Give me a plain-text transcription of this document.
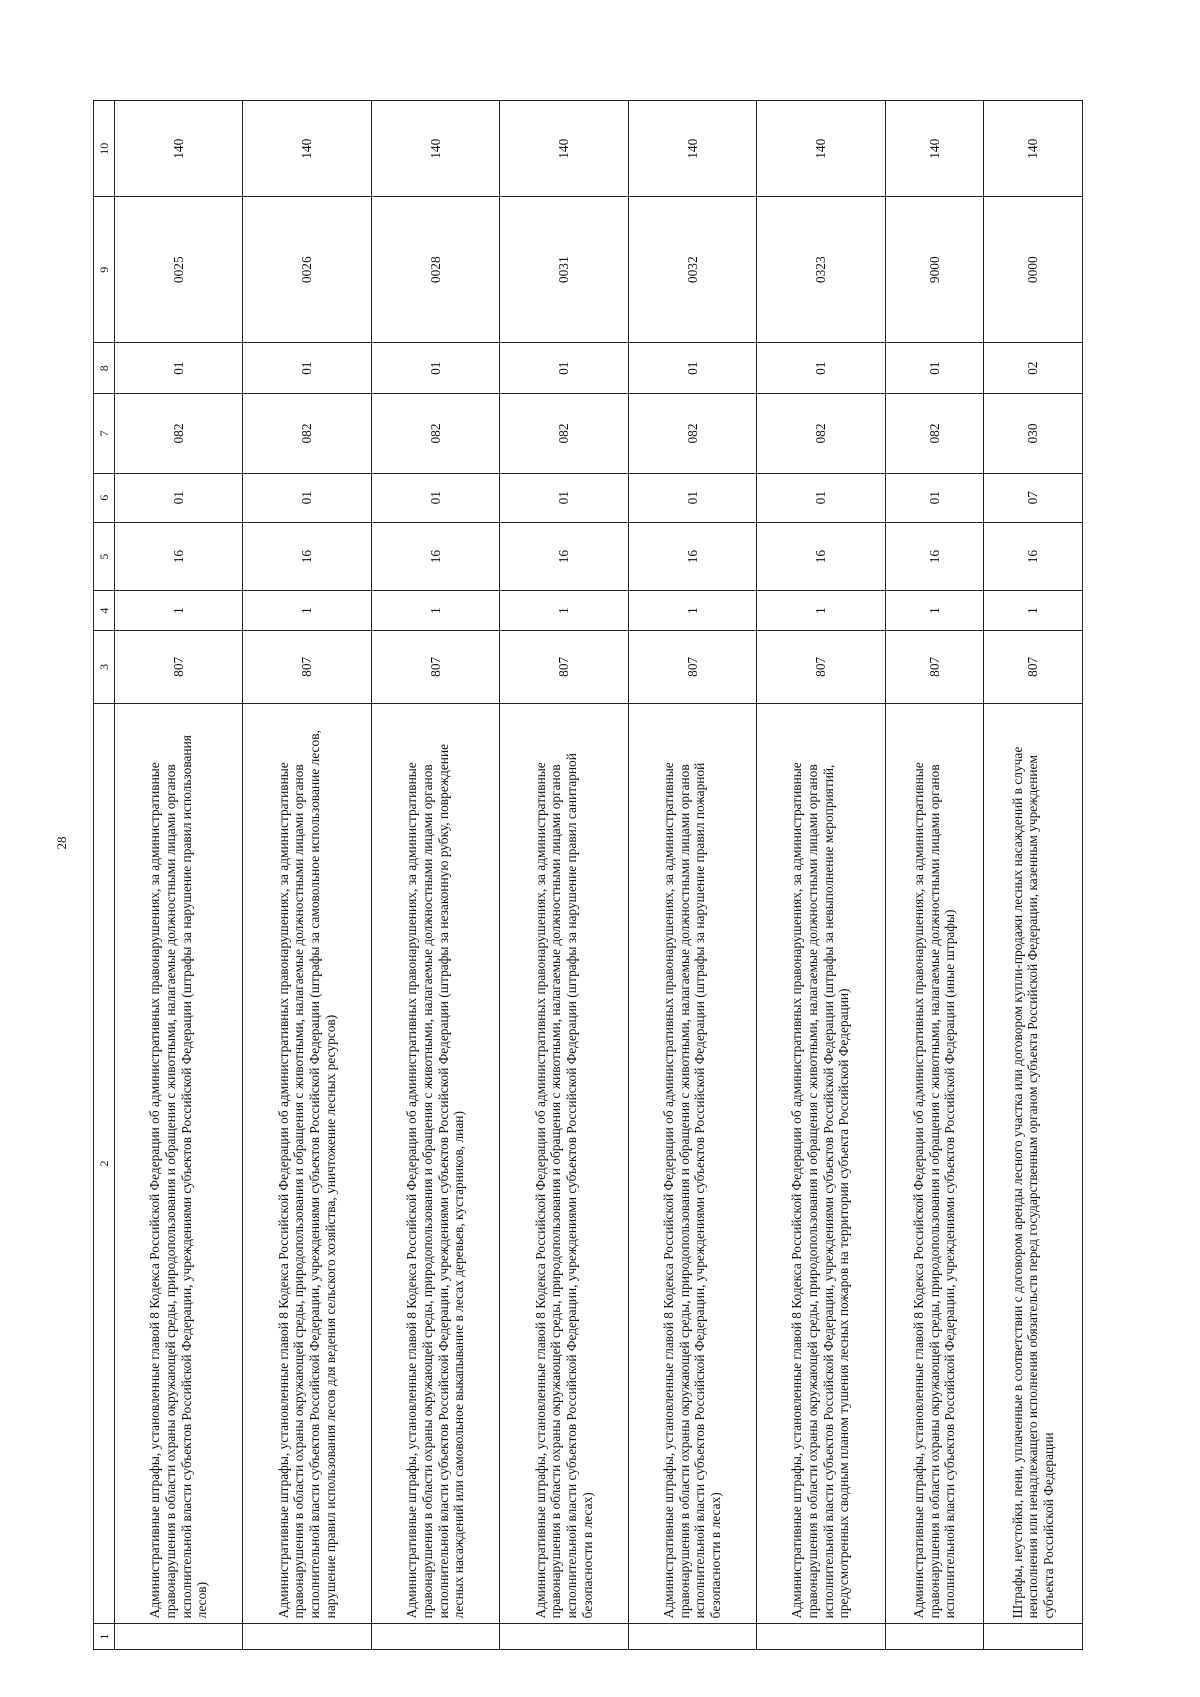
28
1	2	3	4	5	6	7	8	9	10
	Административные штрафы, установленные главой 8 Кодекса Российской Федерации об административных правонарушениях, за административные правонарушения в области охраны окружающей среды, природопользования и обращения с животными, налагаемые должностными лицами органов исполнительной власти субъектов Российской Федерации, учреждениями субъектов Российской Федерации (штрафы за нарушение правил использования лесов)	807	1	16	01	082	01	0025	140
	Административные штрафы, установленные главой 8 Кодекса Российской Федерации об административных правонарушениях, за административные правонарушения в области охраны окружающей среды, природопользования и обращения с животными, налагаемые должностными лицами органов исполнительной власти субъектов Российской Федерации, учреждениями субъектов Российской Федерации (штрафы за самовольное использование лесов, нарушение правил использования лесов для ведения сельского хозяйства, уничтожение лесных ресурсов)	807	1	16	01	082	01	0026	140
	Административные штрафы, установленные главой 8 Кодекса Российской Федерации об административных правонарушениях, за административные правонарушения в области охраны окружающей среды, природопользования и обращения с животными, налагаемые должностными лицами органов исполнительной власти субъектов Российской Федерации, учреждениями субъектов Российской Федерации (штрафы за незаконную рубку, повреждение лесных насаждений или самовольное выкапывание в лесах деревьев, кустарников, лиан)	807	1	16	01	082	01	0028	140
	Административные штрафы, установленные главой 8 Кодекса Российской Федерации об административных правонарушениях, за административные правонарушения в области охраны окружающей среды, природопользования и обращения с животными, налагаемые должностными лицами органов исполнительной власти субъектов Российской Федерации, учреждениями субъектов Российской Федерации (штрафы за нарушение правил санитарной безопасности в лесах)	807	1	16	01	082	01	0031	140
	Административные штрафы, установленные главой 8 Кодекса Российской Федерации об административных правонарушениях, за административные правонарушения в области охраны окружающей среды, природопользования и обращения с животными, налагаемые должностными лицами органов исполнительной власти субъектов Российской Федерации, учреждениями субъектов Российской Федерации (штрафы за нарушение правил пожарной безопасности в лесах)	807	1	16	01	082	01	0032	140
	Административные штрафы, установленные главой 8 Кодекса Российской Федерации об административных правонарушениях, за административные правонарушения в области охраны окружающей среды, природопользования и обращения с животными, налагаемые должностными лицами органов исполнительной власти субъектов Российской Федерации, учреждениями субъектов Российской Федерации (штрафы за невыполнение мероприятий, предусмотренных сводным планом тушения лесных пожаров на территории субъекта Российской Федерации)	807	1	16	01	082	01	0323	140
	Административные штрафы, установленные главой 8 Кодекса Российской Федерации об административных правонарушениях, за административные правонарушения в области охраны окружающей среды, природопользования и обращения с животными, налагаемые должностными лицами органов исполнительной власти субъектов Российской Федерации, учреждениями субъектов Российской Федерации (иные штрафы)	807	1	16	01	082	01	9000	140
	Штрафы, неустойки, пени, уплаченные в соответствии с договором аренды лесного участка или договором купли-продажи лесных насаждений в случае неисполнения или ненадлежащего исполнения обязательств перед государственным органом субъекта Российской Федерации, казенным учреждением субъекта Российской Федерации	807	1	16	07	030	02	0000	140
